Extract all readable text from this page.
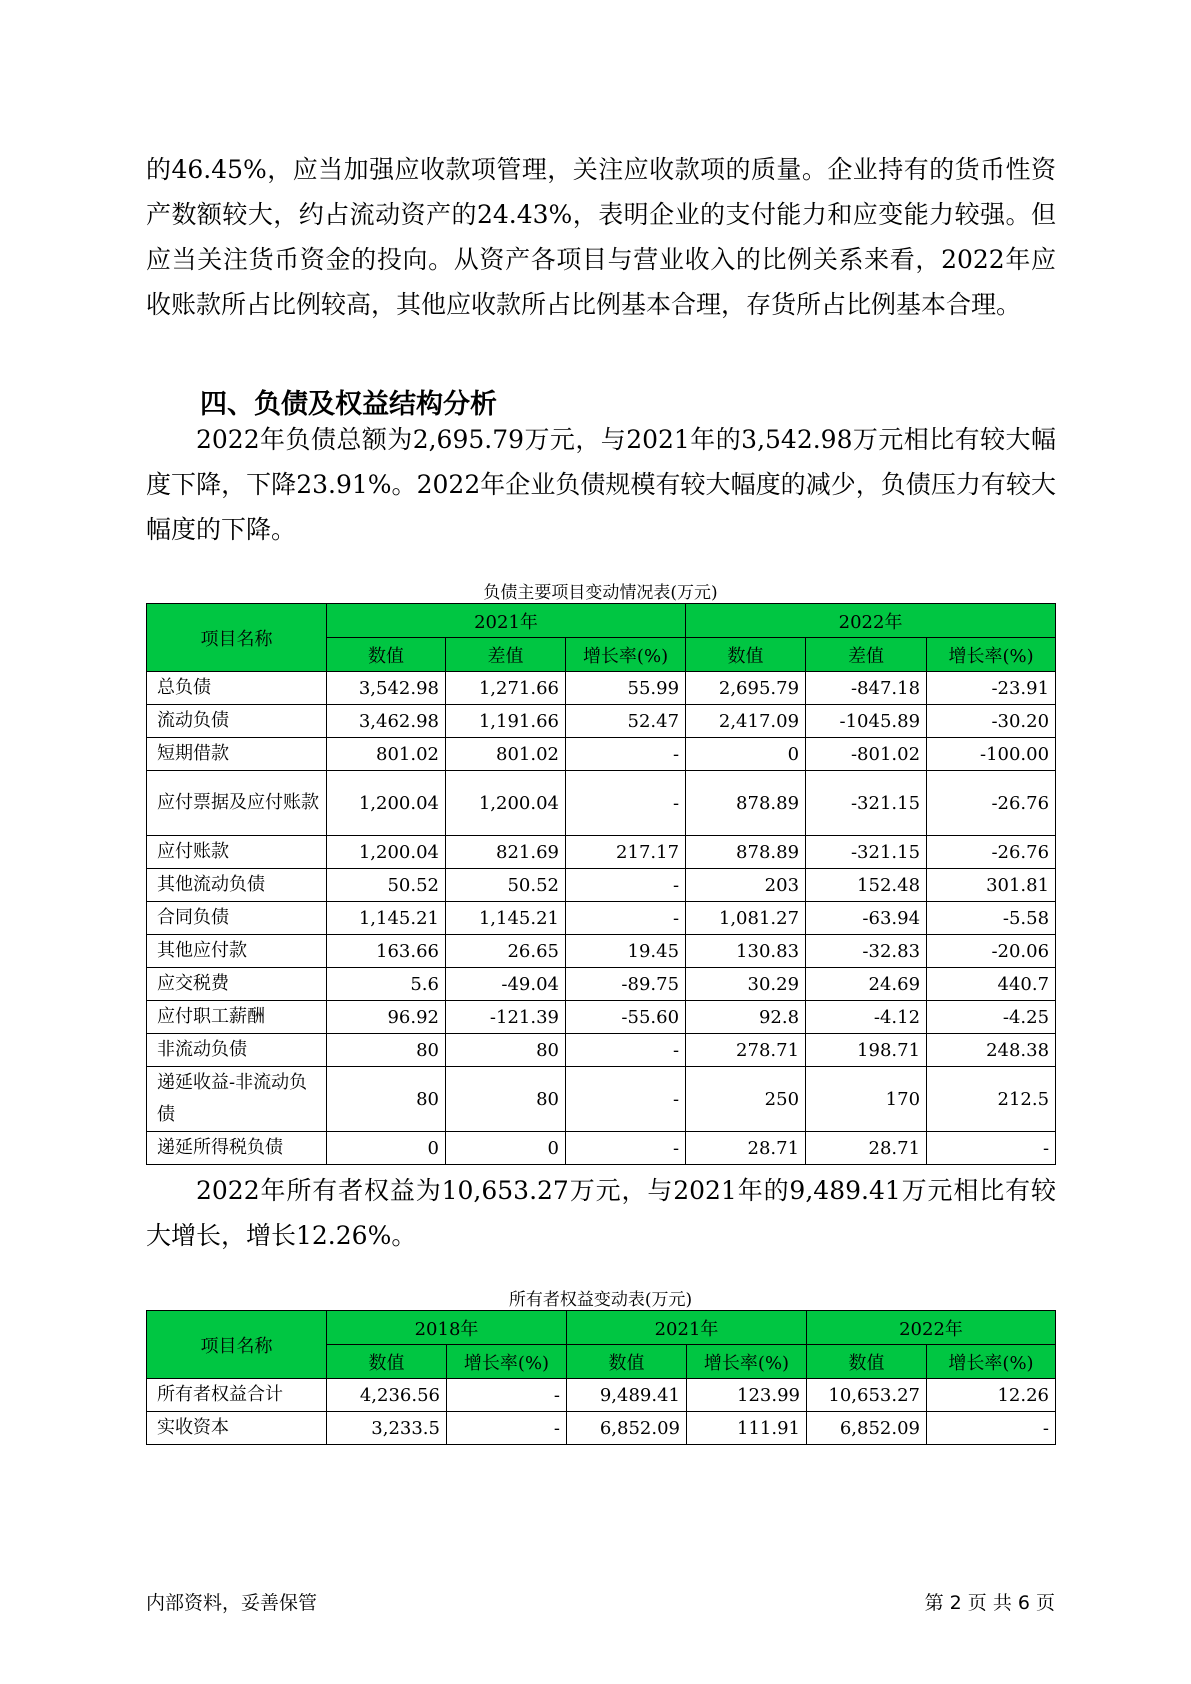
的46.45%，应当加强应收款项管理，关注应收款项的质量。企业持有的货币性资产数额较大，约占流动资产的24.43%，表明企业的支付能力和应变能力较强。但应当关注货币资金的投向。从资产各项目与营业收入的比例关系来看，2022年应收账款所占比例较高，其他应收款所占比例基本合理，存货所占比例基本合理。

四、负债及权益结构分析

2022年负债总额为2,695.79万元，与2021年的3,542.98万元相比有较大幅度下降，下降23.91%。2022年企业负债规模有较大幅度的减少，负债压力有较大幅度的下降。

负债主要项目变动情况表(万元)
项目名称	2021年			2022年		
	数值	差值	增长率(%)	数值	差值	增长率(%)
总负债	3,542.98	1,271.66	55.99	2,695.79	-847.18	-23.91
流动负债	3,462.98	1,191.66	52.47	2,417.09	-1045.89	-30.20
短期借款	801.02	801.02	-	0	-801.02	-100.00
应付票据及应付账款	1,200.04	1,200.04	-	878.89	-321.15	-26.76
应付账款	1,200.04	821.69	217.17	878.89	-321.15	-26.76
其他流动负债	50.52	50.52	-	203	152.48	301.81
合同负债	1,145.21	1,145.21	-	1,081.27	-63.94	-5.58
其他应付款	163.66	26.65	19.45	130.83	-32.83	-20.06
应交税费	5.6	-49.04	-89.75	30.29	24.69	440.7
应付职工薪酬	96.92	-121.39	-55.60	92.8	-4.12	-4.25
非流动负债	80	80	-	278.71	198.71	248.38
递延收益-非流动负债	80	80	-	250	170	212.5
递延所得税负债	0	0	-	28.71	28.71	-

2022年所有者权益为10,653.27万元，与2021年的9,489.41万元相比有较大增长，增长12.26%。

所有者权益变动表(万元)
项目名称	2018年		2021年		2022年	
	数值	增长率(%)	数值	增长率(%)	数值	增长率(%)
所有者权益合计	4,236.56	-	9,489.41	123.99	10,653.27	12.26
实收资本	3,233.5	-	6,852.09	111.91	6,852.09	-
内部资料，妥善保管	第 2 页 共 6 页
